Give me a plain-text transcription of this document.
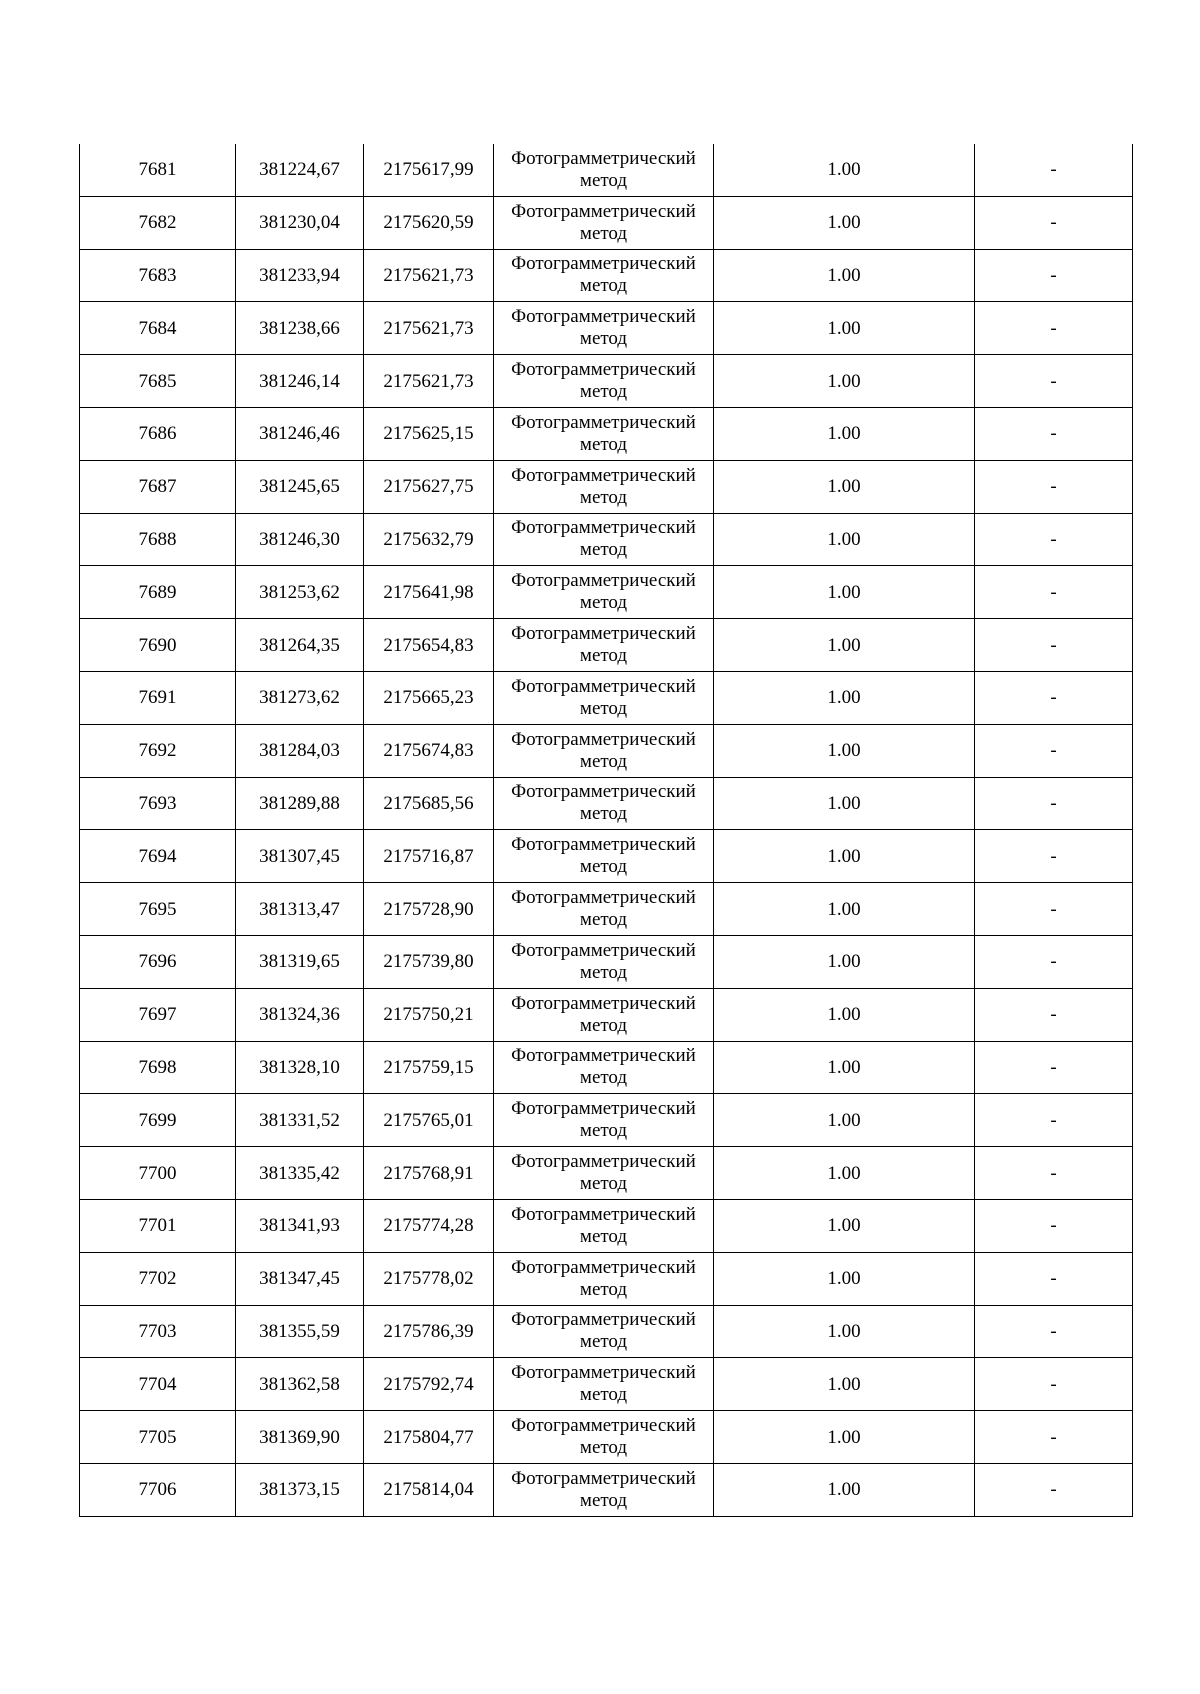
7681	381224,67	2175617,99	Фотограмметрический
метод	1.00	-
7682	381230,04	2175620,59	Фотограмметрический
метод	1.00	-
7683	381233,94	2175621,73	Фотограмметрический
метод	1.00	-
7684	381238,66	2175621,73	Фотограмметрический
метод	1.00	-
7685	381246,14	2175621,73	Фотограмметрический
метод	1.00	-
7686	381246,46	2175625,15	Фотограмметрический
метод	1.00	-
7687	381245,65	2175627,75	Фотограмметрический
метод	1.00	-
7688	381246,30	2175632,79	Фотограмметрический
метод	1.00	-
7689	381253,62	2175641,98	Фотограмметрический
метод	1.00	-
7690	381264,35	2175654,83	Фотограмметрический
метод	1.00	-
7691	381273,62	2175665,23	Фотограмметрический
метод	1.00	-
7692	381284,03	2175674,83	Фотограмметрический
метод	1.00	-
7693	381289,88	2175685,56	Фотограмметрический
метод	1.00	-
7694	381307,45	2175716,87	Фотограмметрический
метод	1.00	-
7695	381313,47	2175728,90	Фотограмметрический
метод	1.00	-
7696	381319,65	2175739,80	Фотограмметрический
метод	1.00	-
7697	381324,36	2175750,21	Фотограмметрический
метод	1.00	-
7698	381328,10	2175759,15	Фотограмметрический
метод	1.00	-
7699	381331,52	2175765,01	Фотограмметрический
метод	1.00	-
7700	381335,42	2175768,91	Фотограмметрический
метод	1.00	-
7701	381341,93	2175774,28	Фотограмметрический
метод	1.00	-
7702	381347,45	2175778,02	Фотограмметрический
метод	1.00	-
7703	381355,59	2175786,39	Фотограмметрический
метод	1.00	-
7704	381362,58	2175792,74	Фотограмметрический
метод	1.00	-
7705	381369,90	2175804,77	Фотограмметрический
метод	1.00	-
7706	381373,15	2175814,04	Фотограмметрический
метод	1.00	-
